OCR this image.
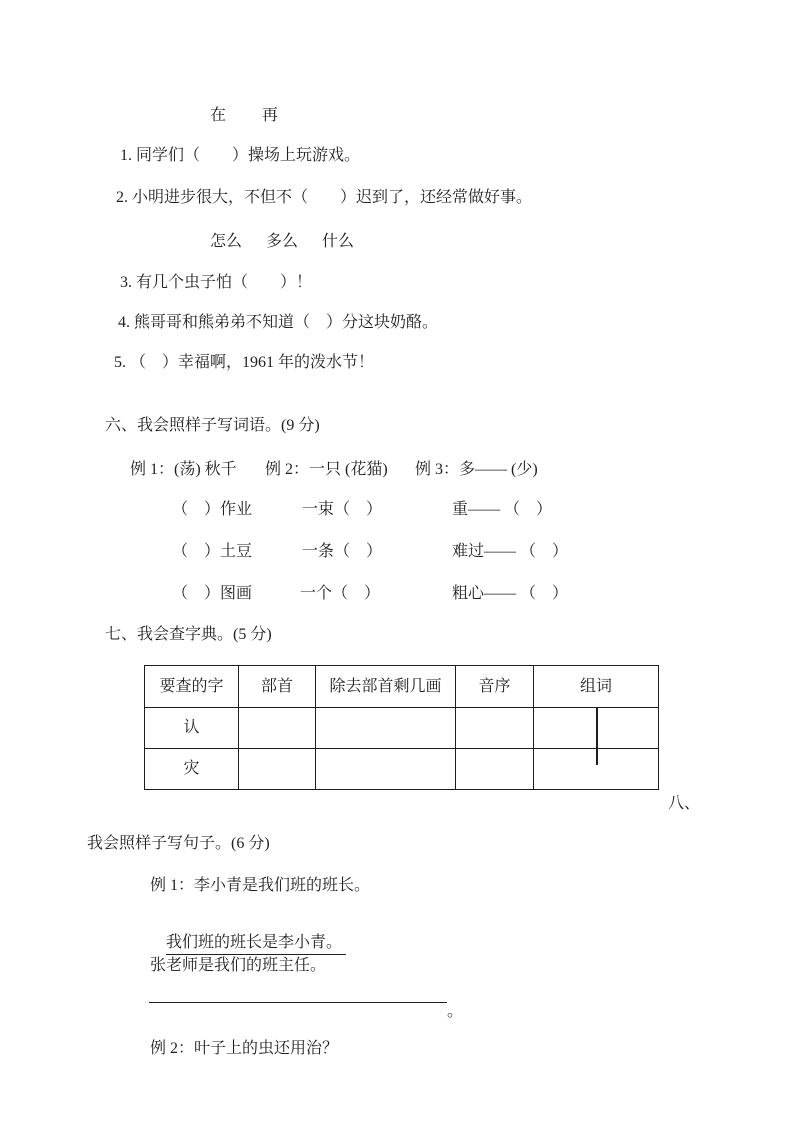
在 再
1. 同学们（　　）操场上玩游戏。
2. 小明进步很大，不但不（　　）迟到了，还经常做好事。
怎么 多么 什么
3. 有几个虫子怕（　　）！
4. 熊哥哥和熊弟弟不知道（　）分这块奶酪。
5. （　）幸福啊，1961 年的泼水节！
六、我会照样子写词语。(9 分)
例 1：(荡) 秋千 例 2：一只 (花猫) 例 3：多—— (少)
（　）作业	一束（　）	重—— （　）
（　）土豆	一条（　）	难过—— （　）
（　）图画	一个（　）	粗心—— （　）
七、我会查字典。(5 分)
要查的字	部首	除去部首剩几画	音序	组词
认				
灾				
八、
我会照样子写句子。(6 分)
例 1：李小青是我们班的班长。

我们班的班长是李小青。

张老师是我们的班主任。
。
例 2：叶子上的虫还用治？
